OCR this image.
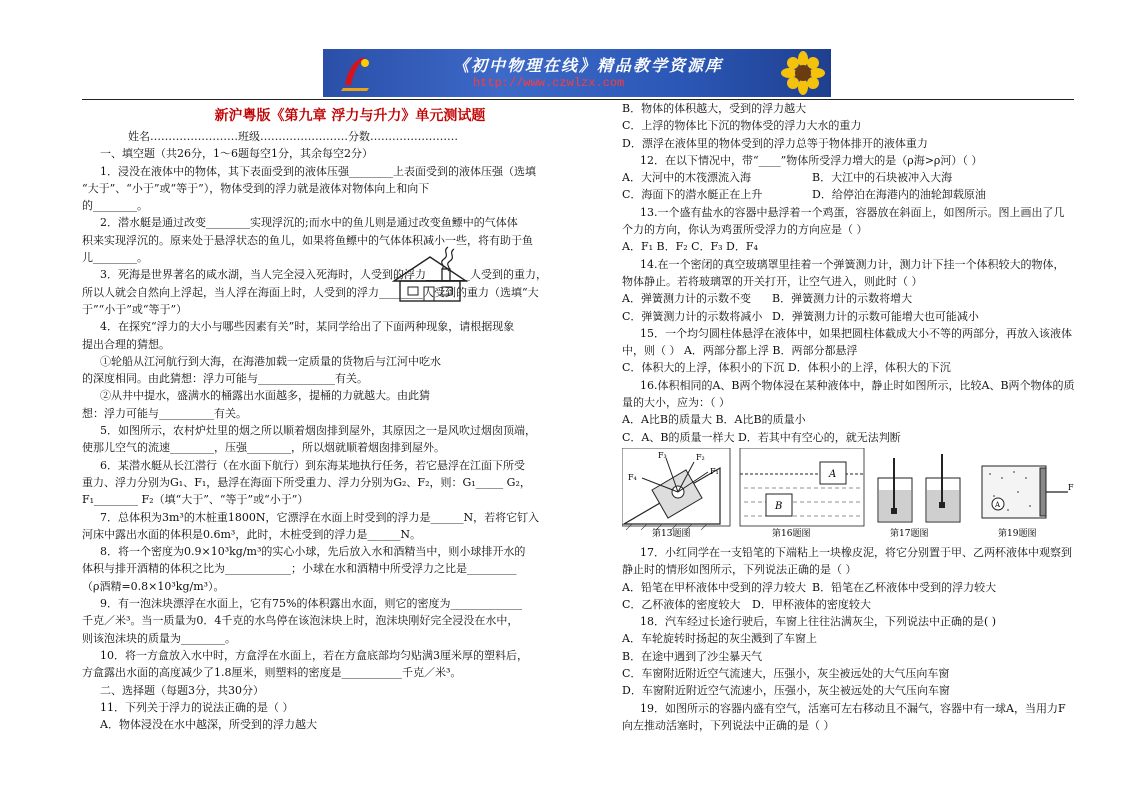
《初中物理在线》精品教学资源库
http://www.czwlzx.com

新沪粤版《第九章 浮力与升力》单元测试题

姓名……………………班级……………………分数……………………

一、填空题（共26分，1～6题每空1分，其余每空2分）

1．浸没在液体中的物体，其下表面受到的液体压强________上表面受到的液体压强（选填

“大于”、“小于”或“等于”），物体受到的浮力就是液体对物体向上和向下

的________。

2．潜水艇是通过改变________实现浮沉的;而水中的鱼儿则是通过改变鱼鳔中的气体体

积来实现浮沉的。原来处于悬浮状态的鱼儿，如果将鱼鳔中的气体体积减小一些，将有助于鱼

儿________。

3．死海是世界著名的咸水湖，当人完全浸入死海时，人受到的浮力________人受到的重力，

所以人就会自然向上浮起，当人浮在海面上时，人受到的浮力________人受到的重力（选填“大

于”“小于”或“等于”）

4．在探究“浮力的大小与哪些因素有关”时，某同学给出了下面两种现象，请根据现象

提出合理的猜想。

①轮船从江河航行到大海，在海港加载一定质量的货物后与江河中吃水

的深度相同。由此猜想：浮力可能与______________有关。

②从井中提水，盛满水的桶露出水面越多，提桶的力就越大。由此猜

想：浮力可能与__________有关。

5．如图所示，农村炉灶里的烟之所以顺着烟囱排到屋外，其原因之一是风吹过烟囱顶端，

使那儿空气的流速________，压强________，所以烟就顺着烟囱排到屋外。

6．某潜水艇从长江潜行（在水面下航行）到东海某地执行任务，若它悬浮在江面下所受

重力、浮力分别为G₁、F₁，悬浮在海面下所受重力、浮力分别为G₂、F₂，则：G₁_____ G₂，

F₁________ F₂（填“大于”、“等于”或“小于”）

7．总体积为3m³的木桩重1800N，它漂浮在水面上时受到的浮力是______N，若将它钉入

河床中露出水面的体积是0.6m³，此时，木桩受到的浮力是______N。

8．将一个密度为0.9×10³kg/m³的实心小球，先后放入水和酒精当中，则小球排开水的

体积与排开酒精的体积之比为____________；小球在水和酒精中所受浮力之比是_________

（ρ酒精=0.8×10³kg/m³）。

9．有一泡沫块漂浮在水面上，它有75%的体积露出水面，则它的密度为_____________

千克／米³。当一质量为0．4千克的水鸟停在该泡沫块上时，泡沫块刚好完全浸没在水中，

则该泡沫块的质量为________。

10．将一方盒放入水中时，方盒浮在水面上，若在方盒底部均匀贴满3厘米厚的塑料后，

方盒露出水面的高度减少了1.8厘米，则塑料的密度是___________千克／米³。

二、选择题（每题3分，共30分）

11．下列关于浮力的说法正确的是（ ）

A．物体浸没在水中越深，所受到的浮力越大

B．物体的体积越大，受到的浮力越大

C．上浮的物体比下沉的物体受的浮力大水的重力

D．漂浮在液体里的物体受到的浮力总等于物体排开的液体重力

12．在以下情况中，带“____”物体所受浮力增大的是（ρ海>ρ河）（ ）

A．大河中的木筏漂流入海	B．大江中的石块被冲入大海

C．海面下的潜水艇正在上升	D．给停泊在海港内的油轮卸载原油

13.一个盛有盐水的容器中悬浮着一个鸡蛋，容器放在斜面上，如图所示。图上画出了几

个力的方向，你认为鸡蛋所受浮力的方向应是（ ）

A．F₁ B．F₂ C．F₃ D．F₄

14.在一个密闭的真空玻璃罩里挂着一个弹簧测力计，测力计下挂一个体积较大的物体，

物体静止。若将玻璃罩的开关打开，让空气进入，则此时（ ）

A．弹簧测力计的示数不变 B．弹簧测力计的示数将增大

C．弹簧测力计的示数将减小 D．弹簧测力计的示数可能增大也可能减小

15．一个均匀圆柱体悬浮在液体中，如果把圆柱体截成大小不等的两部分，再放入该液体

中，则（ ） A．两部分都上浮 B．两部分都悬浮

C．体积大的上浮，体积小的下沉 D．体积小的上浮，体积大的下沉

16.体积相同的A、B两个物体浸在某种液体中，静止时如图所示，比较A、B两个物体的质

量的大小，应为：（ ）

A．A比B的质量大 B．A比B的质量小

C．A、B的质量一样大 D．若其中有空心的，就无法判断

17．小红同学在一支铅笔的下端粘上一块橡皮泥，将它分别置于甲、乙两杯液体中观察到

静止时的情形如图所示，下列说法正确的是（ ）

A．铅笔在甲杯液体中受到的浮力较大 B．铅笔在乙杯液体中受到的浮力较大

C．乙杯液体的密度较大 D．甲杯液体的密度较大

18．汽车经过长途行驶后，车窗上往往沾满灰尘，下列说法中正确的是( )

A．车轮旋转时扬起的灰尘溅到了车窗上

B．在途中遇到了沙尘暴天气

C．车窗附近附近空气流速大，压强小，灰尘被远处的大气压向车窗

D．车窗附近附近空气流速小，压强小，灰尘被远处的大气压向车窗

19．如图所示的容器内盛有空气，活塞可左右移动且不漏气，容器中有一球A，当用力F

向左推动活塞时，下列说法中正确的是（ ）

F₄
F₃	F₂
F₁
第13题图
A
B
第16题图	第17题图
A
F
第19题图
